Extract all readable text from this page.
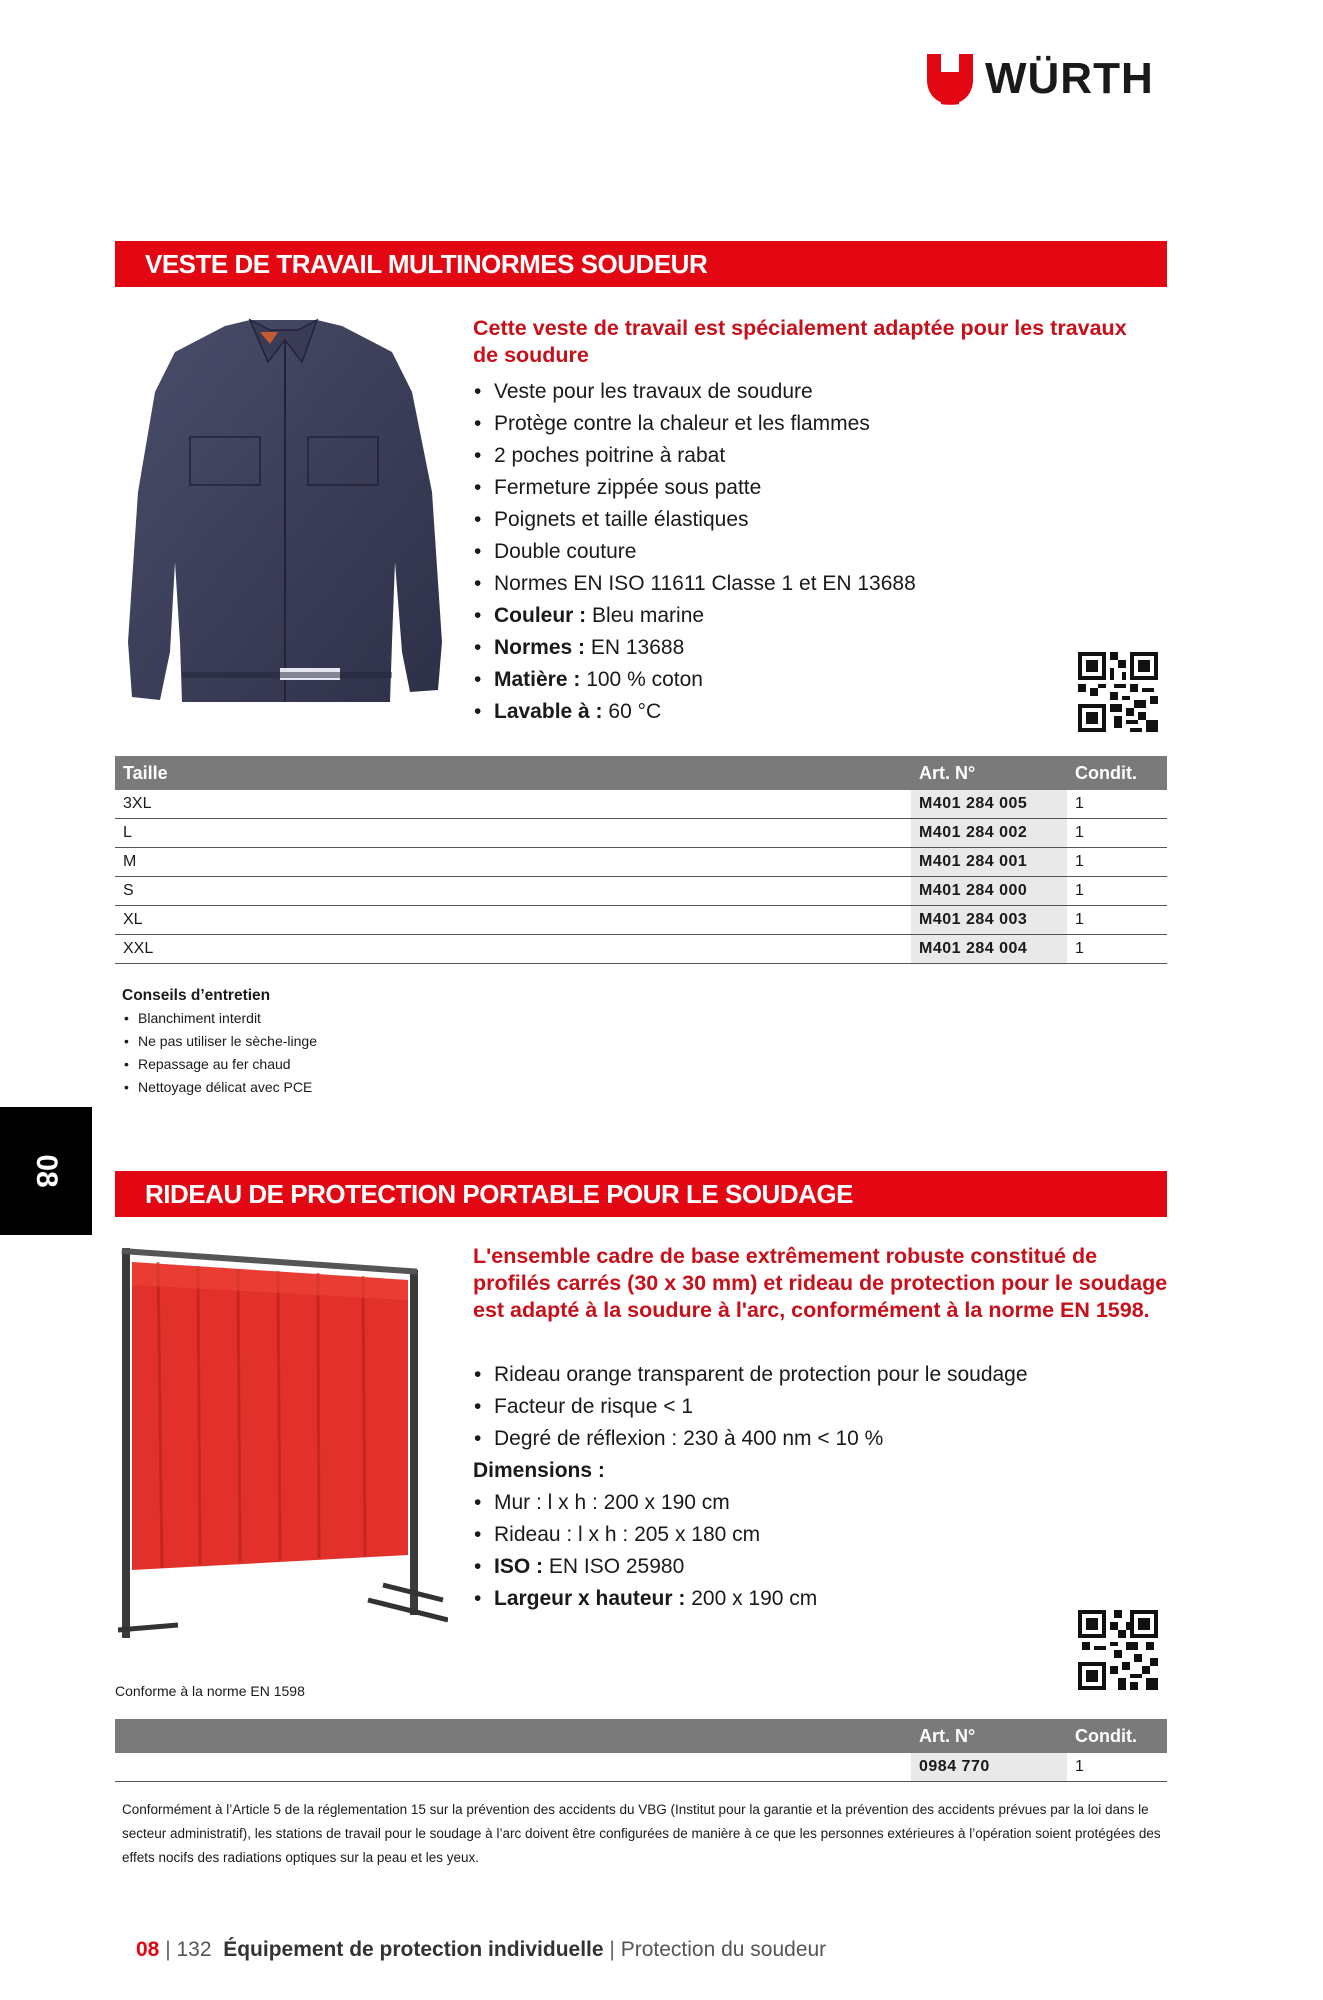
WÜRTH
VESTE DE TRAVAIL MULTINORMES SOUDEUR
Cette veste de travail est spécialement adaptée pour les travaux de soudure
• Veste pour les travaux de soudure
• Protège contre la chaleur et les flammes
• 2 poches poitrine à rabat
• Fermeture zippée sous patte
• Poignets et taille élastiques
• Double couture
• Normes EN ISO 11611 Classe 1 et EN 13688
• Couleur : Bleu marine
• Normes : EN 13688
• Matière : 100 % coton
• Lavable à : 60 °C
Taille	Art. N°	Condit.
3XL	M401 284 005	1
L	M401 284 002	1
M	M401 284 001	1
S	M401 284 000	1
XL	M401 284 003	1
XXL	M401 284 004	1
Conseils d’entretien
• Blanchiment interdit
• Ne pas utiliser le sèche-linge
• Repassage au fer chaud
• Nettoyage délicat avec PCE
08
RIDEAU DE PROTECTION PORTABLE POUR LE SOUDAGE
L'ensemble cadre de base extrêmement robuste constitué de profilés carrés (30 x 30 mm) et rideau de protection pour le soudage est adapté à la soudure à l'arc, conformément à la norme EN 1598.
• Rideau orange transparent de protection pour le soudage
• Facteur de risque < 1
• Degré de réflexion : 230 à 400 nm < 10 %
Dimensions :
• Mur : l x h : 200 x 190 cm
• Rideau : l x h : 205 x 180 cm
• ISO : EN ISO 25980
• Largeur x hauteur : 200 x 190 cm
Conforme à la norme EN 1598
	Art. N°	Condit.
	0984 770	1
Conformément à l’Article 5 de la réglementation 15 sur la prévention des accidents du VBG (Institut pour la garantie et la prévention des accidents prévues par la loi dans le secteur administratif), les stations de travail pour le soudage à l’arc doivent être configurées de manière à ce que les personnes extérieures à l’opération soient protégées des effets nocifs des radiations optiques sur la peau et les yeux.
08 | 132 Équipement de protection individuelle | Protection du soudeur
